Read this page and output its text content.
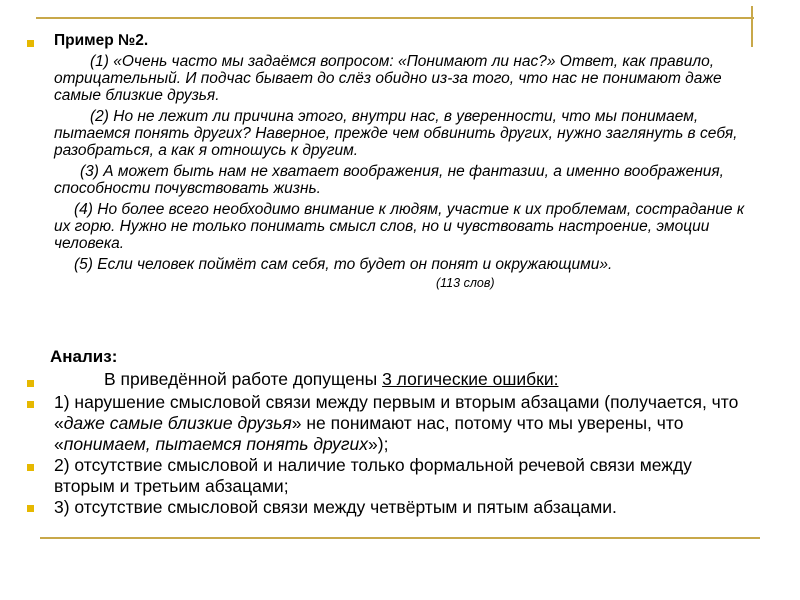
Пример №2.

(1) «Очень часто мы задаёмся вопросом: «Понимают ли нас?» Ответ, как правило, отрицательный. И подчас бывает до слёз обидно из-за того, что нас не понимают даже самые близкие друзья.

(2) Но не лежит ли причина этого, внутри нас, в уверенности, что мы понимаем, пытаемся понять других? Наверное, прежде чем обвинить других, нужно заглянуть в себя, разобраться, а как я отношусь к другим.

(3) А может быть нам не хватает воображения, не фантазии, а именно воображения, способности почувствовать жизнь.

(4) Но более всего необходимо внимание к людям, участие к их проблемам, сострадание к их горю. Нужно не только понимать смысл слов, но и чувствовать настроение, эмоции человека.

(5) Если человек поймёт сам себя, то будет он понят и окружающими».

(113 слов)
Анализ:
В приведённой работе допущены 3 логические ошибки:
1) нарушение смысловой связи между первым и вторым абзацами (получается, что «даже самые близкие друзья» не понимают нас, потому что мы уверены, что «понимаем, пытаемся понять других»);
2) отсутствие смысловой и наличие только формальной речевой связи между вторым и третьим абзацами;
3) отсутствие смысловой связи между четвёртым и пятым абзацами.
